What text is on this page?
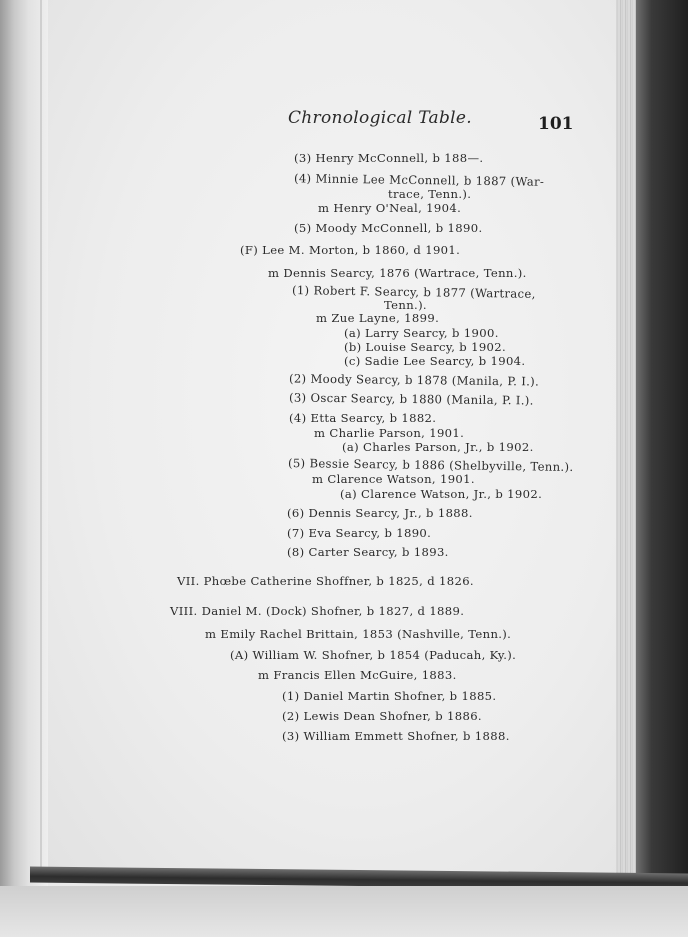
Chronological Table.	101
(3) Henry McConnell, b 188—.
(4) Minnie Lee McConnell, b 1887 (War-
trace, Tenn.).
m Henry O'Neal, 1904.
(5) Moody McConnell, b 1890.
(F) Lee M. Morton, b 1860, d 1901.
m Dennis Searcy, 1876 (Wartrace, Tenn.).
(1) Robert F. Searcy, b 1877 (Wartrace,
Tenn.).
m Zue Layne, 1899.
(a) Larry Searcy, b 1900.
(b) Louise Searcy, b 1902.
(c) Sadie Lee Searcy, b 1904.
(2) Moody Searcy, b 1878 (Manila, P. I.).
(3) Oscar Searcy, b 1880 (Manila, P. I.).
(4) Etta Searcy, b 1882.
m Charlie Parson, 1901.
(a) Charles Parson, Jr., b 1902.
(5) Bessie Searcy, b 1886 (Shelbyville, Tenn.).
m Clarence Watson, 1901.
(a) Clarence Watson, Jr., b 1902.
(6) Dennis Searcy, Jr., b 1888.
(7) Eva Searcy, b 1890.
(8) Carter Searcy, b 1893.
VII. Phœbe Catherine Shoffner, b 1825, d 1826.
VIII. Daniel M. (Dock) Shofner, b 1827, d 1889.
m Emily Rachel Brittain, 1853 (Nashville, Tenn.).
(A) William W. Shofner, b 1854 (Paducah, Ky.).
m Francis Ellen McGuire, 1883.
(1) Daniel Martin Shofner, b 1885.
(2) Lewis Dean Shofner, b 1886.
(3) William Emmett Shofner, b 1888.
